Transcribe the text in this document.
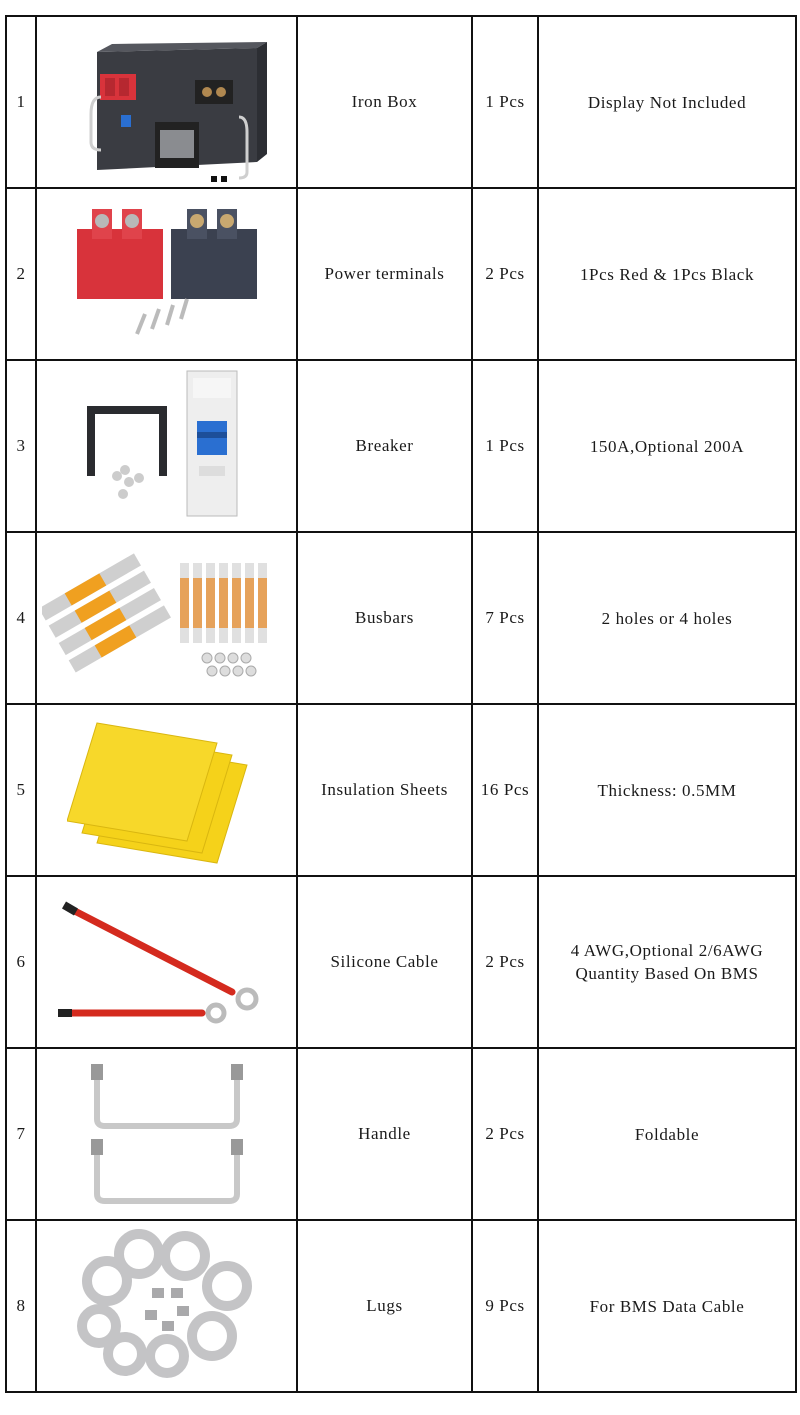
1		Iron Box	1 Pcs	Display Not Included

2		Power terminals	2 Pcs	1Pcs Red & 1Pcs Black

3		Breaker	1 Pcs	150A,Optional 200A

4		Busbars	7 Pcs	2 holes or 4 holes

5		Insulation Sheets	16 Pcs	Thickness: 0.5MM

6		Silicone Cable	2 Pcs	4 AWG,Optional 2/6AWG
Quantity Based On BMS

7		Handle	2 Pcs	Foldable

8		Lugs	9 Pcs	For BMS Data Cable
